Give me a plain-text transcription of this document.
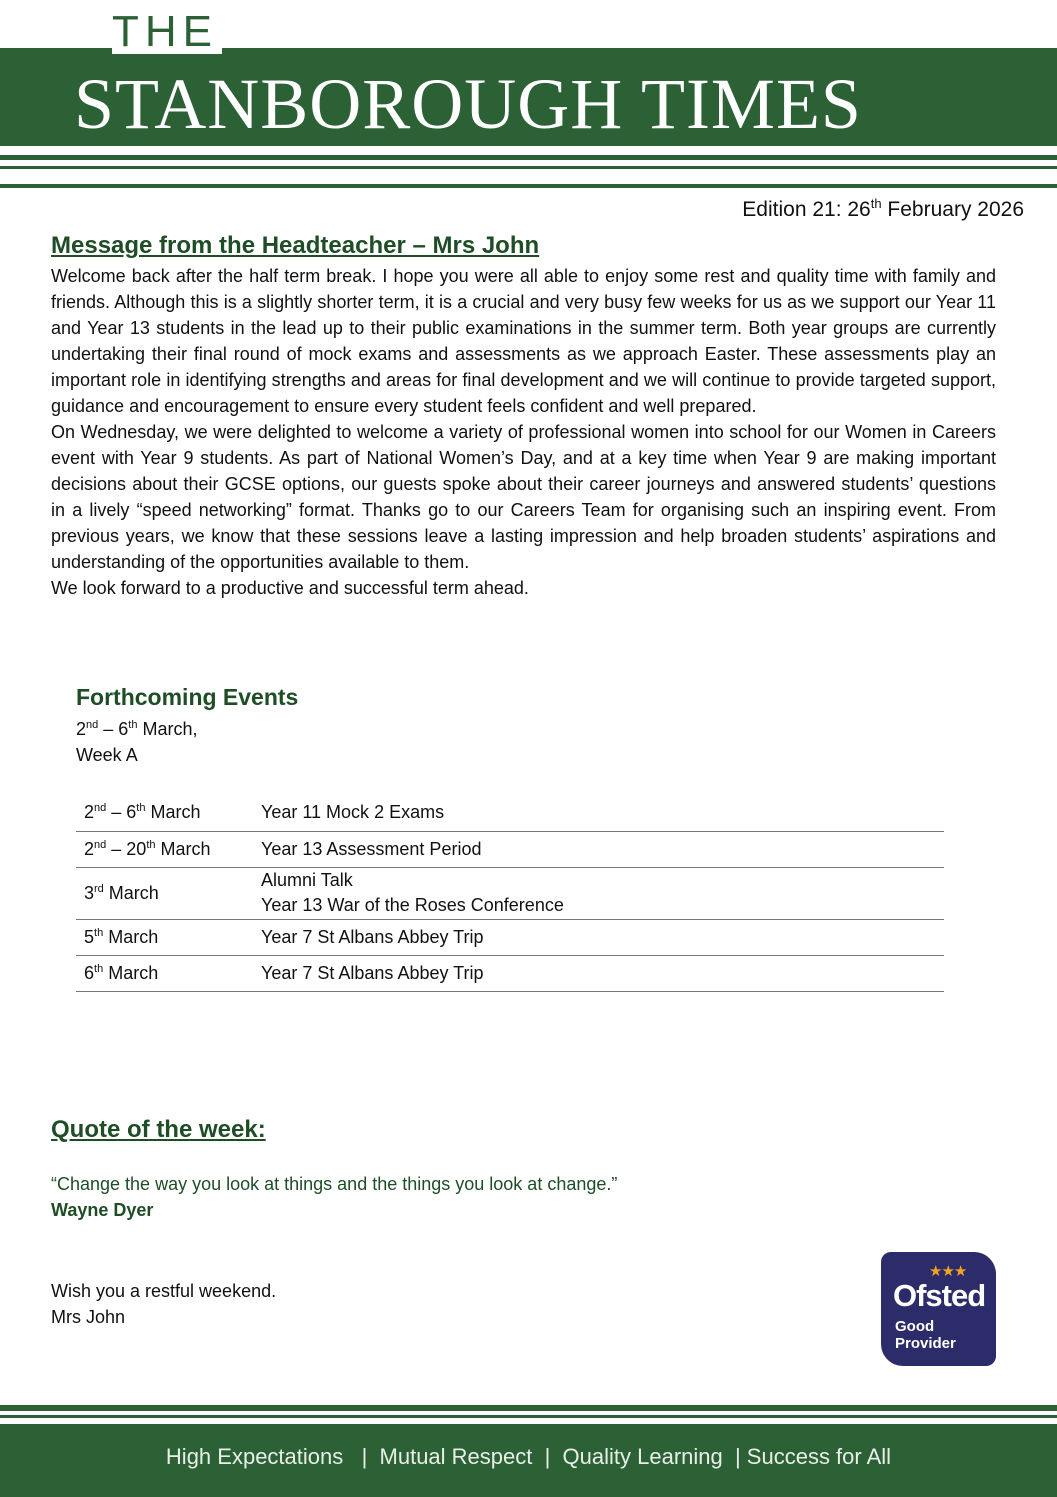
THE
STANBOROUGH TIMES
Edition 21: 26th February 2026
Message from the Headteacher – Mrs John

Welcome back after the half term break. I hope you were all able to enjoy some rest and quality time with family and friends. Although this is a slightly shorter term, it is a crucial and very busy few weeks for us as we support our Year 11 and Year 13 students in the lead up to their public examinations in the summer term. Both year groups are currently undertaking their final round of mock exams and assessments as we approach Easter. These assessments play an important role in identifying strengths and areas for final development and we will continue to provide targeted support, guidance and encouragement to ensure every student feels confident and well prepared.

On Wednesday, we were delighted to welcome a variety of professional women into school for our Women in Careers event with Year 9 students. As part of National Women’s Day, and at a key time when Year 9 are making important decisions about their GCSE options, our guests spoke about their career journeys and answered students’ questions in a lively “speed networking” format. Thanks go to our Careers Team for organising such an inspiring event. From previous years, we know that these sessions leave a lasting impression and help broaden students’ aspirations and understanding of the opportunities available to them.

We look forward to a productive and successful term ahead.

Forthcoming Events
2nd – 6th March,
Week A
2nd – 6th March	Year 11 Mock 2 Exams

2nd – 20th March	Year 13 Assessment Period

3rd March	Alumni Talk
Year 13 War of the Roses Conference

5th March	Year 7 St Albans Abbey Trip

6th March	Year 7 St Albans Abbey Trip
Quote of the week:
“Change the way you look at things and the things you look at change.”
Wayne Dyer
Wish you a restful weekend.
Mrs John
★★★
Ofsted
Good
Provider
High Expectations   |  Mutual Respect  |  Quality Learning  | Success for All
